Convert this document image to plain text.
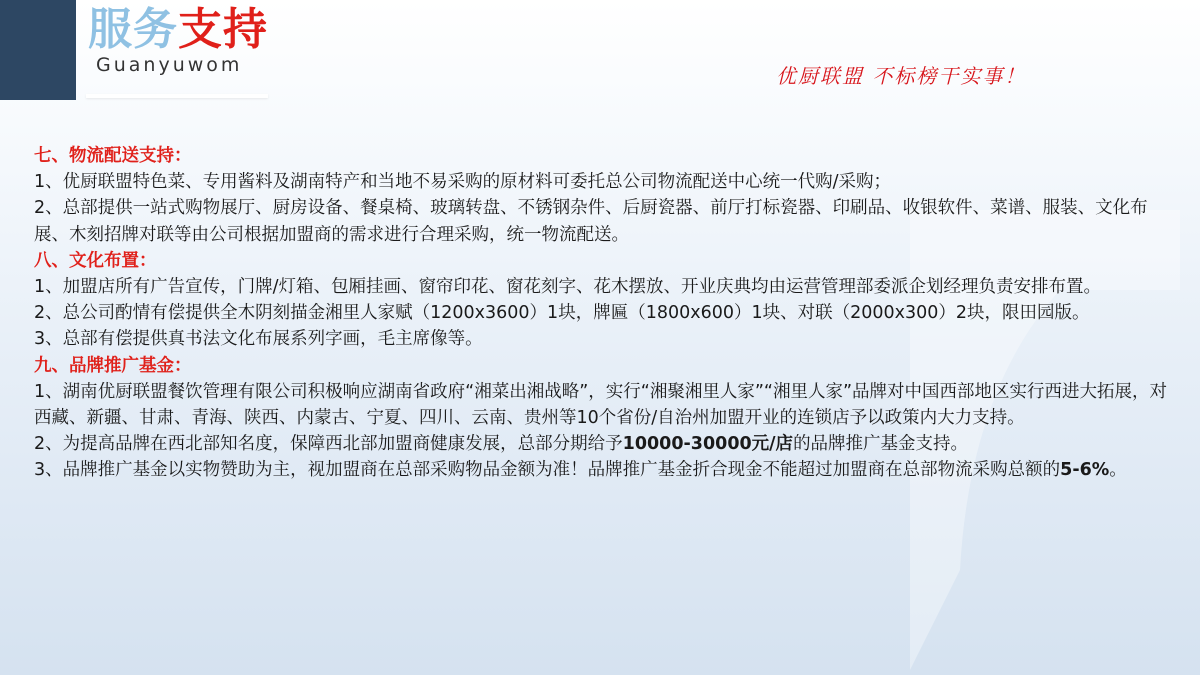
服务支持
Guanyuwom	优厨联盟 不标榜干实事！

七、物流配送支持：

1、优厨联盟特色菜、专用酱料及湖南特产和当地不易采购的原材料可委托总公司物流配送中心统一代购/采购；

2、总部提供一站式购物展厅、厨房设备、餐桌椅、玻璃转盘、不锈钢杂件、后厨瓷器、前厅打标瓷器、印刷品、收银软件、菜谱、服装、文化布展、木刻招牌对联等由公司根据加盟商的需求进行合理采购，统一物流配送。

八、文化布置：

1、加盟店所有广告宣传，门牌/灯箱、包厢挂画、窗帘印花、窗花刻字、花木摆放、开业庆典均由运营管理部委派企划经理负责安排布置。

2、总公司酌情有偿提供全木阴刻描金湘里人家赋（1200x3600）1块，牌匾（1800x600）1块、对联（2000x300）2块，限田园版。

3、总部有偿提供真书法文化布展系列字画，毛主席像等。

九、品牌推广基金：

1、湖南优厨联盟餐饮管理有限公司积极响应湖南省政府“湘菜出湘战略”，实行“湘聚湘里人家”“湘里人家”品牌对中国西部地区实行西进大拓展，对西藏、新疆、甘肃、青海、陕西、内蒙古、宁夏、四川、云南、贵州等10个省份/自治州加盟开业的连锁店予以政策内大力支持。

2、为提高品牌在西北部知名度，保障西北部加盟商健康发展，总部分期给予10000-30000元/店的品牌推广基金支持。

3、品牌推广基金以实物赞助为主，视加盟商在总部采购物品金额为准！品牌推广基金折合现金不能超过加盟商在总部物流采购总额的5-6%。
